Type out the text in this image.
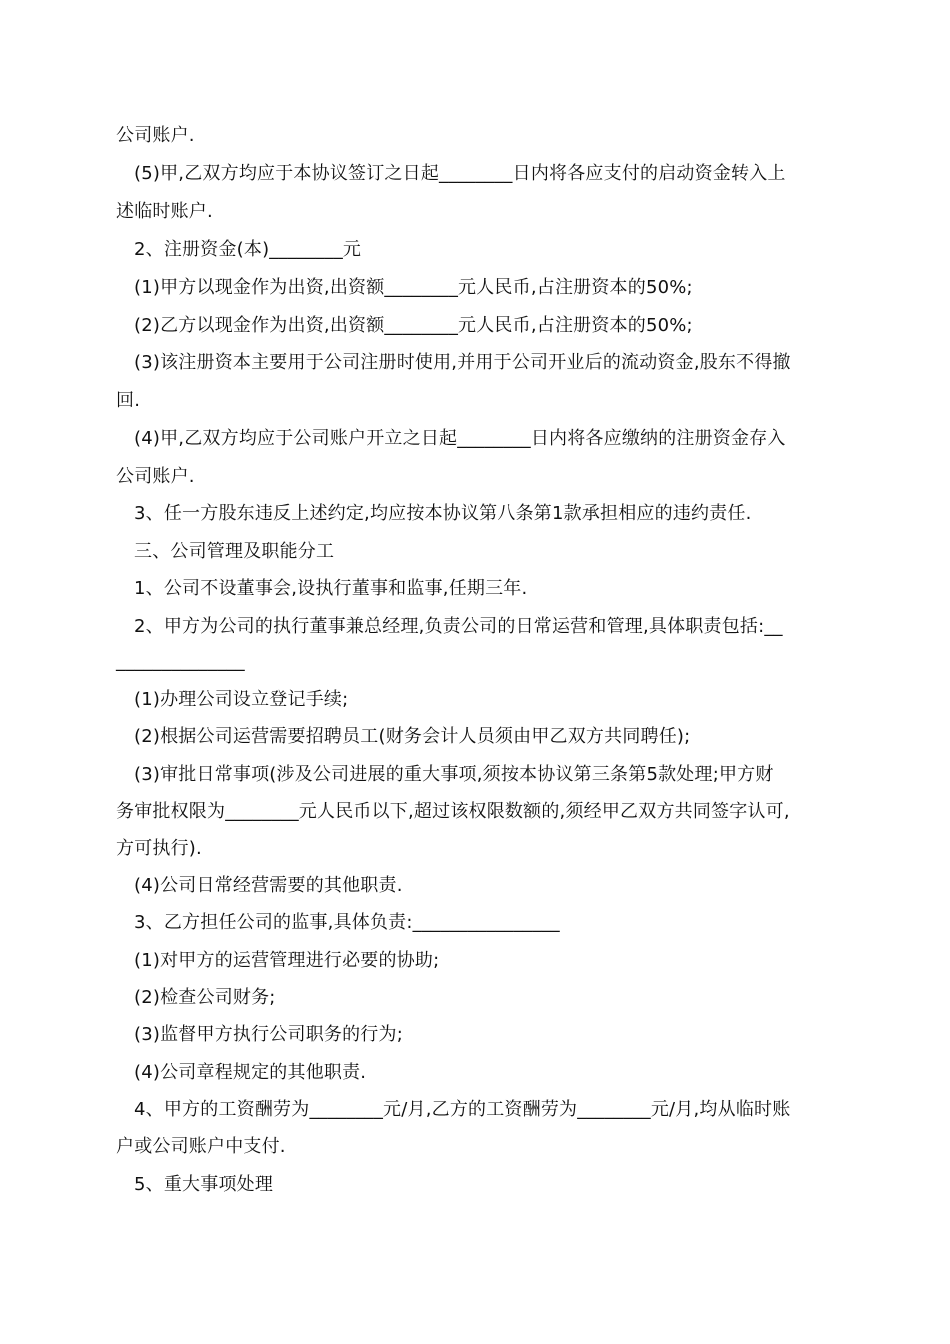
公司账户.
(5)甲,乙双方均应于本协议签订之日起________日内将各应支付的启动资金转入上
述临时账户.
2、注册资金(本)________元
(1)甲方以现金作为出资,出资额________元人民币,占注册资本的50%;
(2)乙方以现金作为出资,出资额________元人民币,占注册资本的50%;
(3)该注册资本主要用于公司注册时使用,并用于公司开业后的流动资金,股东不得撤
回.
(4)甲,乙双方均应于公司账户开立之日起________日内将各应缴纳的注册资金存入
公司账户.
3、任一方股东违反上述约定,均应按本协议第八条第1款承担相应的违约责任.
三、公司管理及职能分工
1、公司不设董事会,设执行董事和监事,任期三年.
2、甲方为公司的执行董事兼总经理,负责公司的日常运营和管理,具体职责包括:__
______________
(1)办理公司设立登记手续;
(2)根据公司运营需要招聘员工(财务会计人员须由甲乙双方共同聘任);
(3)审批日常事项(涉及公司进展的重大事项,须按本协议第三条第5款处理;甲方财
务审批权限为________元人民币以下,超过该权限数额的,须经甲乙双方共同签字认可,
方可执行).
(4)公司日常经营需要的其他职责.
3、乙方担任公司的监事,具体负责:________________
(1)对甲方的运营管理进行必要的协助;
(2)检查公司财务;
(3)监督甲方执行公司职务的行为;
(4)公司章程规定的其他职责.
4、甲方的工资酬劳为________元/月,乙方的工资酬劳为________元/月,均从临时账
户或公司账户中支付.
5、重大事项处理
